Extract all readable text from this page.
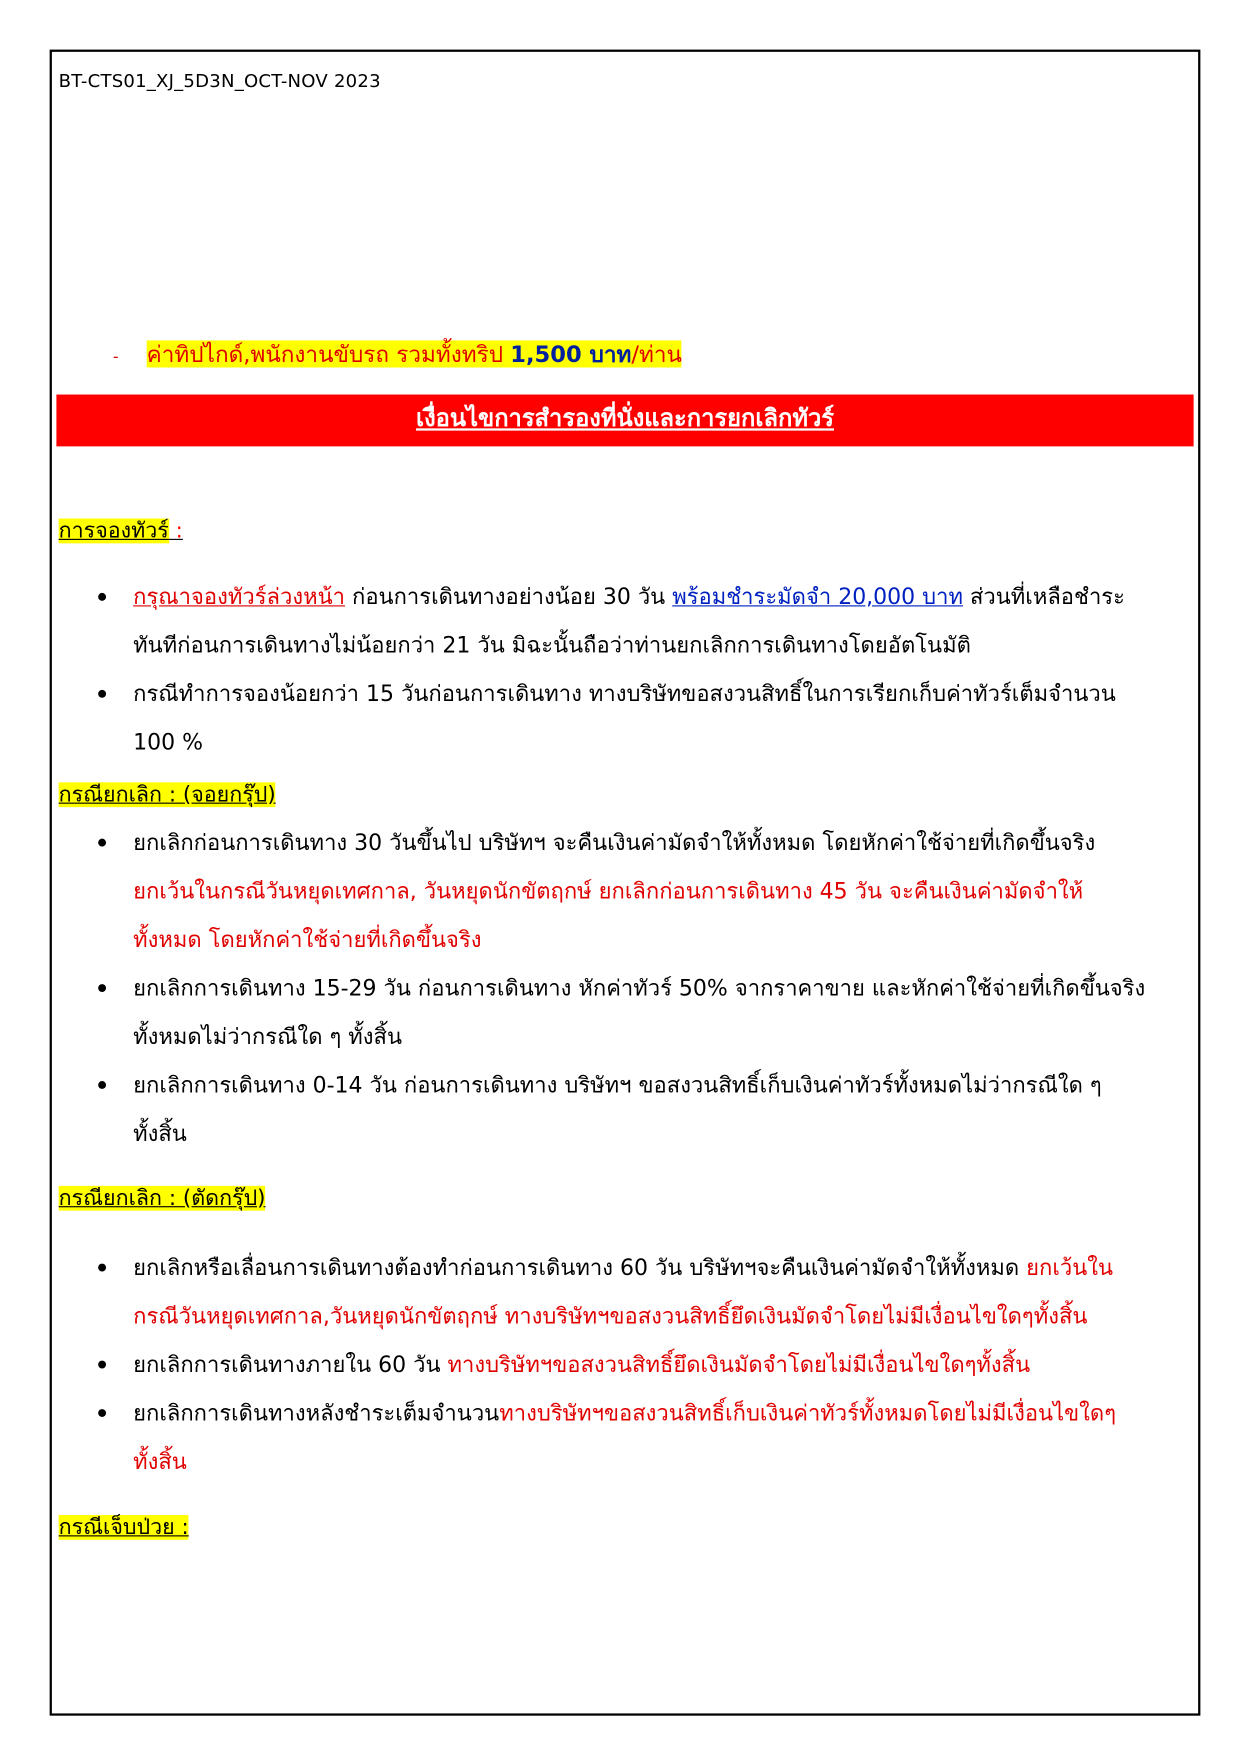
BT-CTS01_XJ_5D3N_OCT-NOV 2023
- ค่าทิปไกด์,พนักงานขับรถ รวมทั้งทริป 1,500 บาท/ท่าน
เงื่อนไขการสำรองที่นั่งและการยกเลิกทัวร์
การจองทัวร์ :
กรุณาจองทัวร์ล่วงหน้า ก่อนการเดินทางอย่างน้อย 30 วัน พร้อมชำระมัดจำ 20,000 บาท ส่วนที่เหลือชำระ
ทันทีก่อนการเดินทางไม่น้อยกว่า 21 วัน มิฉะนั้นถือว่าท่านยกเลิกการเดินทางโดยอัตโนมัติ
กรณีทำการจองน้อยกว่า 15 วันก่อนการเดินทาง ทางบริษัทขอสงวนสิทธิ์ในการเรียกเก็บค่าทัวร์เต็มจำนวน
100 %
กรณียกเลิก : (จอยกรุ๊ป)
ยกเลิกก่อนการเดินทาง 30 วันขึ้นไป บริษัทฯ จะคืนเงินค่ามัดจำให้ทั้งหมด โดยหักค่าใช้จ่ายที่เกิดขึ้นจริง
ยกเว้นในกรณีวันหยุดเทศกาล, วันหยุดนักขัตฤกษ์ ยกเลิกก่อนการเดินทาง 45 วัน จะคืนเงินค่ามัดจำให้
ทั้งหมด โดยหักค่าใช้จ่ายที่เกิดขึ้นจริง
ยกเลิกการเดินทาง 15-29 วัน ก่อนการเดินทาง หักค่าทัวร์ 50% จากราคาขาย และหักค่าใช้จ่ายที่เกิดขึ้นจริง
ทั้งหมดไม่ว่ากรณีใด ๆ ทั้งสิ้น
ยกเลิกการเดินทาง 0-14 วัน ก่อนการเดินทาง บริษัทฯ ขอสงวนสิทธิ์เก็บเงินค่าทัวร์ทั้งหมดไม่ว่ากรณีใด ๆ
ทั้งสิ้น
กรณียกเลิก : (ตัดกรุ๊ป)
ยกเลิกหรือเลื่อนการเดินทางต้องทำก่อนการเดินทาง 60 วัน บริษัทฯจะคืนเงินค่ามัดจำให้ทั้งหมด ยกเว้นใน
กรณีวันหยุดเทศกาล,วันหยุดนักขัตฤกษ์ ทางบริษัทฯขอสงวนสิทธิ์ยึดเงินมัดจำโดยไม่มีเงื่อนไขใดๆทั้งสิ้น
ยกเลิกการเดินทางภายใน 60 วัน ทางบริษัทฯขอสงวนสิทธิ์ยึดเงินมัดจำโดยไม่มีเงื่อนไขใดๆทั้งสิ้น
ยกเลิกการเดินทางหลังชำระเต็มจำนวนทางบริษัทฯขอสงวนสิทธิ์เก็บเงินค่าทัวร์ทั้งหมดโดยไม่มีเงื่อนไขใดๆ
ทั้งสิ้น
กรณีเจ็บป่วย :
